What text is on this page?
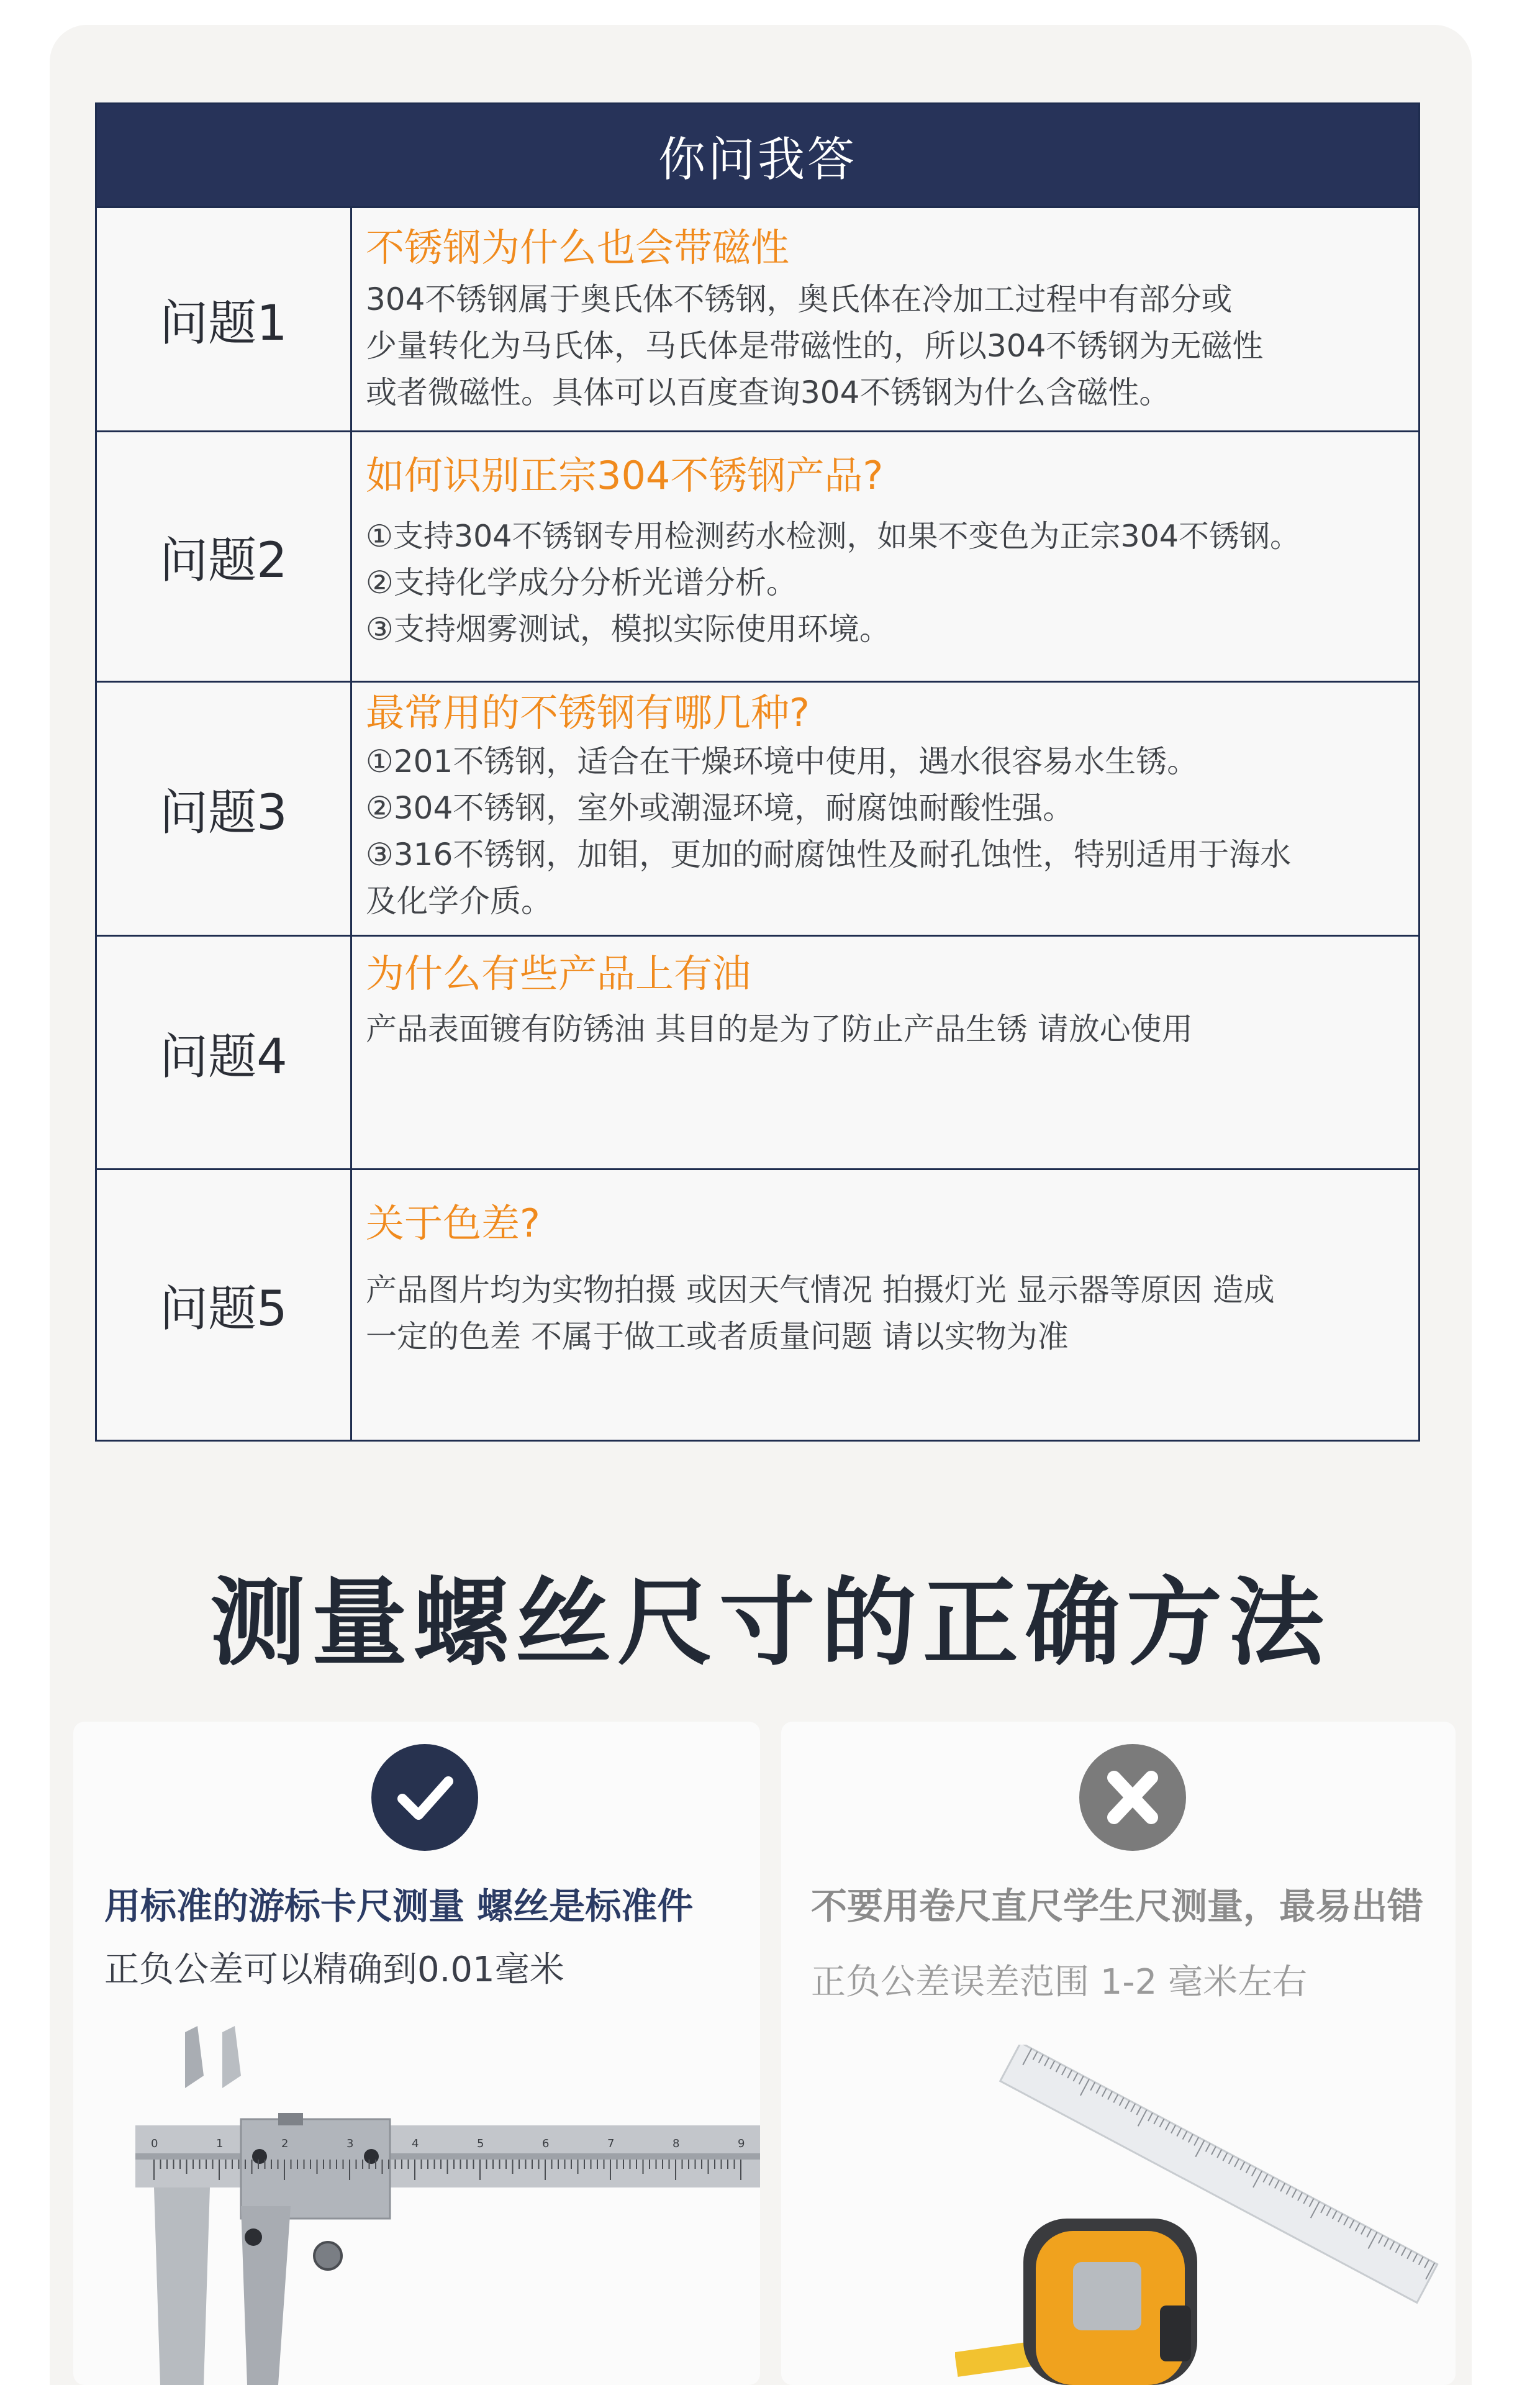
你问我答
问题1
不锈钢为什么也会带磁性
304不锈钢属于奥氏体不锈钢，奥氏体在冷加工过程中有部分或
少量转化为马氏体，马氏体是带磁性的，所以304不锈钢为无磁性
或者微磁性。具体可以百度查询304不锈钢为什么含磁性。
问题2
如何识别正宗304不锈钢产品?
①支持304不锈钢专用检测药水检测，如果不变色为正宗304不锈钢。
②支持化学成分分析光谱分析。
③支持烟雾测试，模拟实际使用环境。
问题3
最常用的不锈钢有哪几种?
①201不锈钢，适合在干燥环境中使用，遇水很容易水生锈。
②304不锈钢，室外或潮湿环境，耐腐蚀耐酸性强。
③316不锈钢，加钼，更加的耐腐蚀性及耐孔蚀性，特别适用于海水
及化学介质。
问题4
为什么有些产品上有油
产品表面镀有防锈油 其目的是为了防止产品生锈 请放心使用
问题5
关于色差?
产品图片均为实物拍摄 或因天气情况 拍摄灯光 显示器等原因 造成
一定的色差 不属于做工或者质量问题 请以实物为准
测量螺丝尺寸的正确方法
用标准的游标卡尺测量 螺丝是标准件
正负公差可以精确到0.01毫米
0	1	2	3	4	5	6	7	8	9
不要用卷尺直尺学生尺测量，最易出错
正负公差误差范围 1-2 毫米左右
